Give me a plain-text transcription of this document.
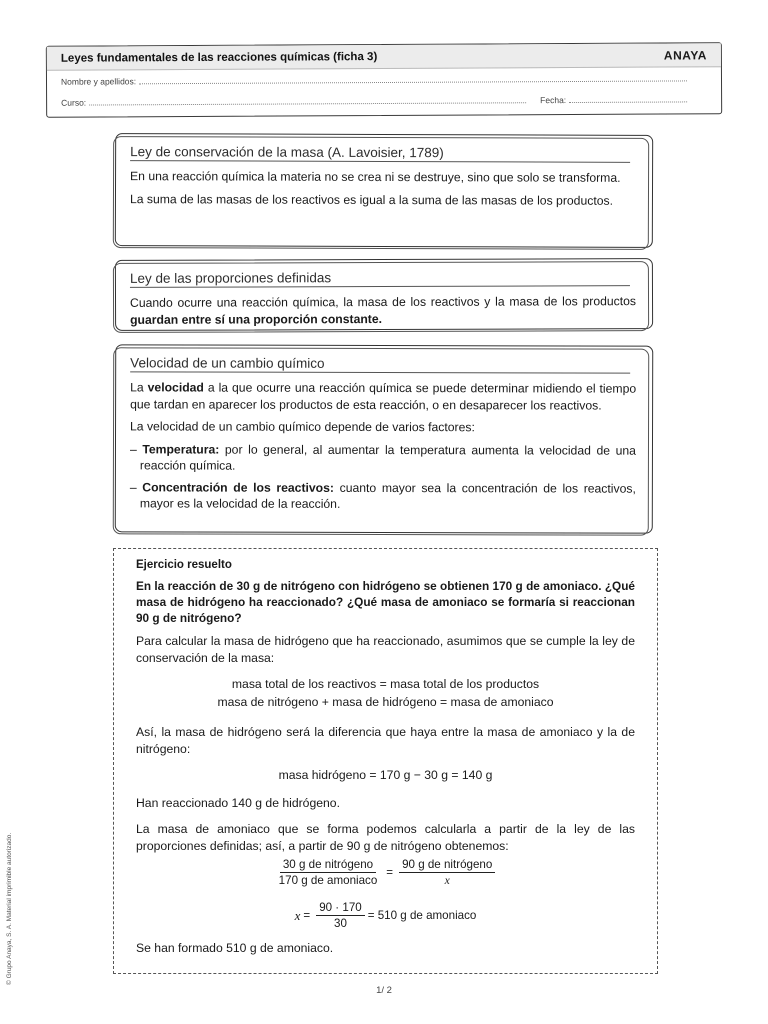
Leyes fundamentales de las reacciones químicas (ficha 3)	ANAYA
Nombre y apellidos:
Curso:	Fecha:
Ley de conservación de la masa (A. Lavoisier, 1789)

En una reacción química la materia no se crea ni se destruye, sino que solo se transforma.

La suma de las masas de los reactivos es igual a la suma de las masas de los productos.

Ley de las proporciones definidas

Cuando ocurre una reacción química, la masa de los reactivos y la masa de los productos guardan entre sí una proporción constante.

Velocidad de un cambio químico

La velocidad a la que ocurre una reacción química se puede determinar midiendo el tiempo que tardan en aparecer los productos de esta reacción, o en desaparecer los reactivos.

La velocidad de un cambio químico depende de varios factores:

– Temperatura: por lo general, al aumentar la temperatura aumenta la velocidad de una reacción química.
– Concentración de los reactivos: cuanto mayor sea la concentración de los reactivos, mayor es la velocidad de la reacción.
Ejercicio resuelto
En la reacción de 30 g de nitrógeno con hidrógeno se obtienen 170 g de amoniaco. ¿Qué masa de hidrógeno ha reaccionado? ¿Qué masa de amoniaco se formaría si reaccionan 90 g de nitrógeno?

Para calcular la masa de hidrógeno que ha reaccionado, asumimos que se cumple la ley de conservación de la masa:

masa total de los reactivos = masa total de los productos
masa de nitrógeno + masa de hidrógeno = masa de amoniaco

Así, la masa de hidrógeno será la diferencia que haya entre la masa de amoniaco y la de nitrógeno:

masa hidrógeno = 170 g − 30 g = 140 g

Han reaccionado 140 g de hidrógeno.

La masa de amoniaco que se forma podemos calcularla a partir de la ley de las proporciones definidas; así, a partir de 90 g de nitrógeno obtenemos:

$\frac{\text{30 g de nitrógeno}}{\text{170 g de amoniaco}} = \frac{\text{90 g de nitrógeno}}{x}$
$x = \frac{90 \cdot 170}{30} = 510$ g de amoniaco

Se han formado 510 g de amoniaco.

© Grupo Anaya, S. A. Material imprimible autorizado.
1/ 2
